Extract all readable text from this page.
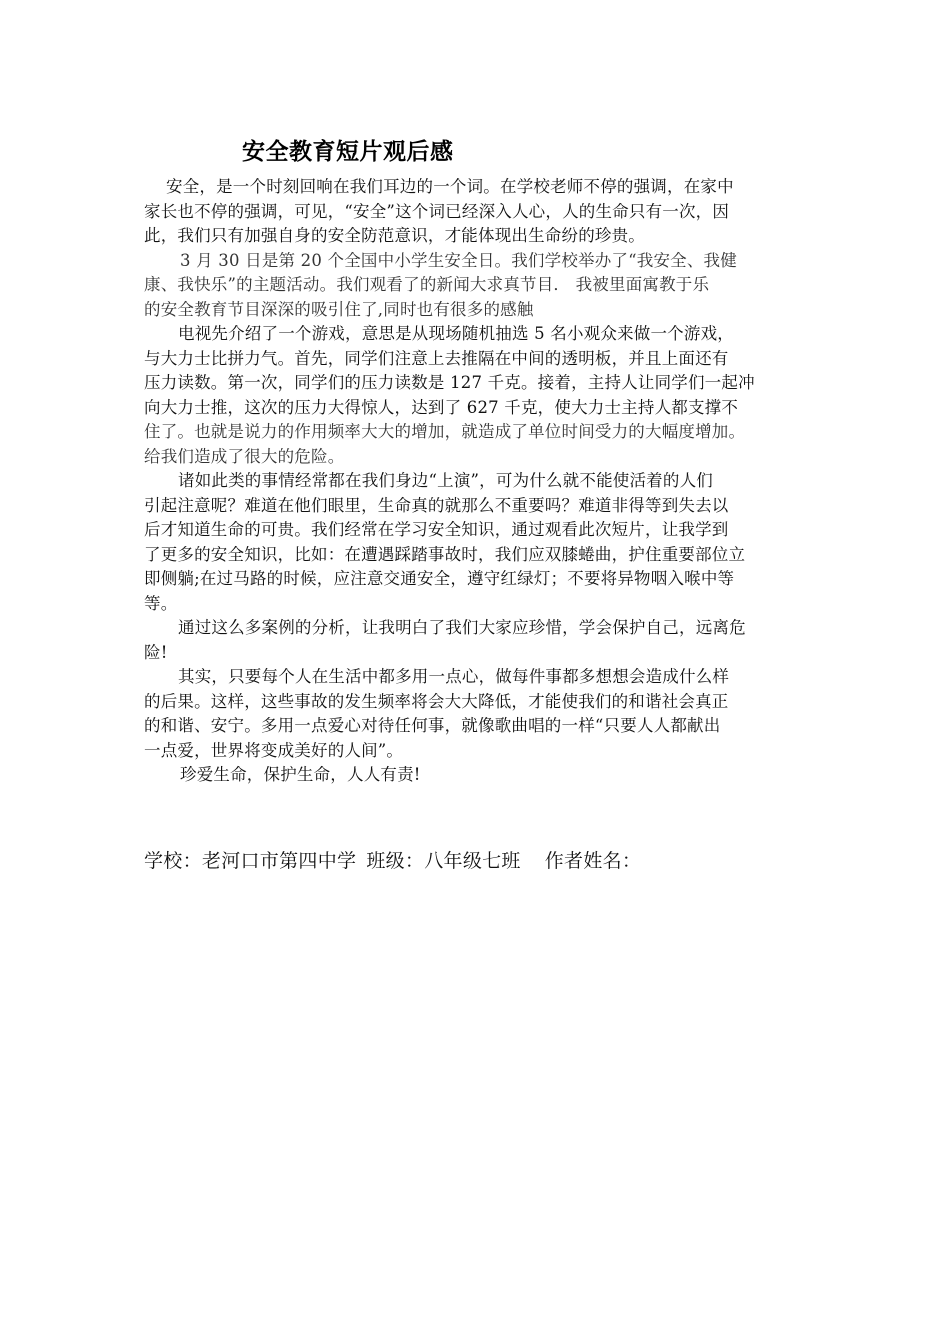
安全教育短片观后感
安全，是一个时刻回响在我们耳边的一个词。在学校老师不停的强调，在家中
家长也不停的强调，可见，“安全”这个词已经深入人心，人的生命只有一次，因
此，我们只有加强自身的安全防范意识，才能体现出生命纷的珍贵。
3 月 30 日是第 20 个全国中小学生安全日。我们学校举办了“我安全、我健
康、我快乐”的主题活动。我们观看了的新闻大求真节目． 我被里面寓教于乐
的安全教育节目深深的吸引住了,同时也有很多的感触
电视先介绍了一个游戏，意思是从现场随机抽选 5 名小观众来做一个游戏，
与大力士比拼力气。首先，同学们注意上去推隔在中间的透明板，并且上面还有
压力读数。第一次，同学们的压力读数是 127 千克。接着，主持人让同学们一起冲
向大力士推，这次的压力大得惊人，达到了 627 千克，使大力士主持人都支撑不
住了。也就是说力的作用频率大大的增加，就造成了单位时间受力的大幅度增加。
给我们造成了很大的危险。
诸如此类的事情经常都在我们身边“上演”，可为什么就不能使活着的人们
引起注意呢？难道在他们眼里，生命真的就那么不重要吗？难道非得等到失去以
后才知道生命的可贵。我们经常在学习安全知识，通过观看此次短片，让我学到
了更多的安全知识，比如：在遭遇踩踏事故时，我们应双膝蜷曲，护住重要部位立
即侧躺;在过马路的时候，应注意交通安全，遵守红绿灯；不要将异物咽入喉中等
等。
通过这么多案例的分析，让我明白了我们大家应珍惜，学会保护自己，远离危
险!
其实，只要每个人在生活中都多用一点心，做每件事都多想想会造成什么样
的后果。这样，这些事故的发生频率将会大大降低，才能使我们的和谐社会真正
的和谐、安宁。多用一点爱心对待任何事，就像歌曲唱的一样“只要人人都献出
一点爱，世界将变成美好的人间”。
珍爱生命，保护生命，人人有责!
学校：老河口市第四中学 班级：八年级七班 作者姓名：
